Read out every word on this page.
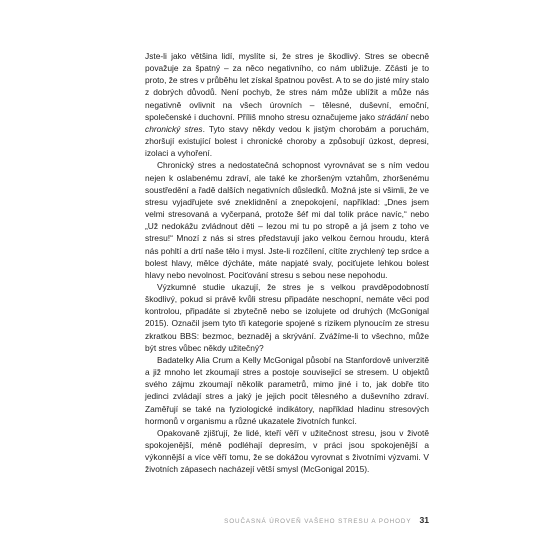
Jste-li jako většina lidí, myslíte si, že stres je škodlivý. Stres se obecně považuje za špatný – za něco negativního, co nám ubližuje. Zčásti je to proto, že stres v průběhu let získal špatnou pověst. A to se do jisté míry stalo z dobrých důvodů. Není pochyb, že stres nám může ublížit a může nás negativně ovlivnit na všech úrovních – tělesné, duševní, emoční, společenské i duchovní. Příliš mnoho stresu označujeme jako strádání nebo chronický stres. Tyto stavy někdy vedou k jistým chorobám a poruchám, zhoršují existující bolest i chronické choroby a způsobují úzkost, depresi, izolaci a vyhoření.

Chronický stres a nedostatečná schopnost vyrovnávat se s ním vedou nejen k oslabenému zdraví, ale také ke zhoršeným vztahům, zhoršenému soustředění a řadě dalších negativních důsledků. Možná jste si všimli, že ve stresu vyjadřujete své zneklidnění a znepokojení, například: „Dnes jsem velmi stresovaná a vyčerpaná, protože šéf mi dal tolik práce navíc,“ nebo „Už nedokážu zvládnout děti – lezou mi tu po stropě a já jsem z toho ve stresu!“ Mnozí z nás si stres představují jako velkou černou hroudu, která nás pohltí a drtí naše tělo i mysl. Jste-li rozčílení, cítíte zrychlený tep srdce a bolest hlavy, mělce dýcháte, máte napjaté svaly, pociťujete lehkou bolest hlavy nebo nevolnost. Pociťování stresu s sebou nese nepohodu.

Výzkumné studie ukazují, že stres je s velkou pravděpodobností škodlivý, pokud si právě kvůli stresu připadáte neschopní, nemáte věci pod kontrolou, připadáte si zbytečně nebo se izolujete od druhých (McGonigal 2015). Označil jsem tyto tři kategorie spojené s rizikem plynoucím ze stresu zkratkou BBS: bezmoc, beznaděj a skrývání. Zvážíme-li to všechno, může být stres vůbec někdy užitečný?

Badatelky Alia Crum a Kelly McGonigal působí na Stanfordově univerzitě a již mnoho let zkoumají stres a postoje souvisejicí se stresem. U objektů svého zájmu zkoumají několik parametrů, mimo jiné i to, jak dobře tito jedinci zvládají stres a jaký je jejich pocit tělesného a duševního zdraví. Zaměřují se také na fyziologické indikátory, například hladinu stresových hormonů v organismu a různé ukazatele životních funkcí.

Opakovaně zjišťují, že lidé, kteří věří v užitečnost stresu, jsou v životě spokojenější, méně podléhají depresím, v práci jsou spokojenější a výkonnější a více věří tomu, že se dokážou vyrovnat s životními výzvami. V životních zápasech nacházejí větší smysl (McGonigal 2015).

SOUČASNÁ ÚROVEŇ VAŠEHO STRESU A POHODY 31
